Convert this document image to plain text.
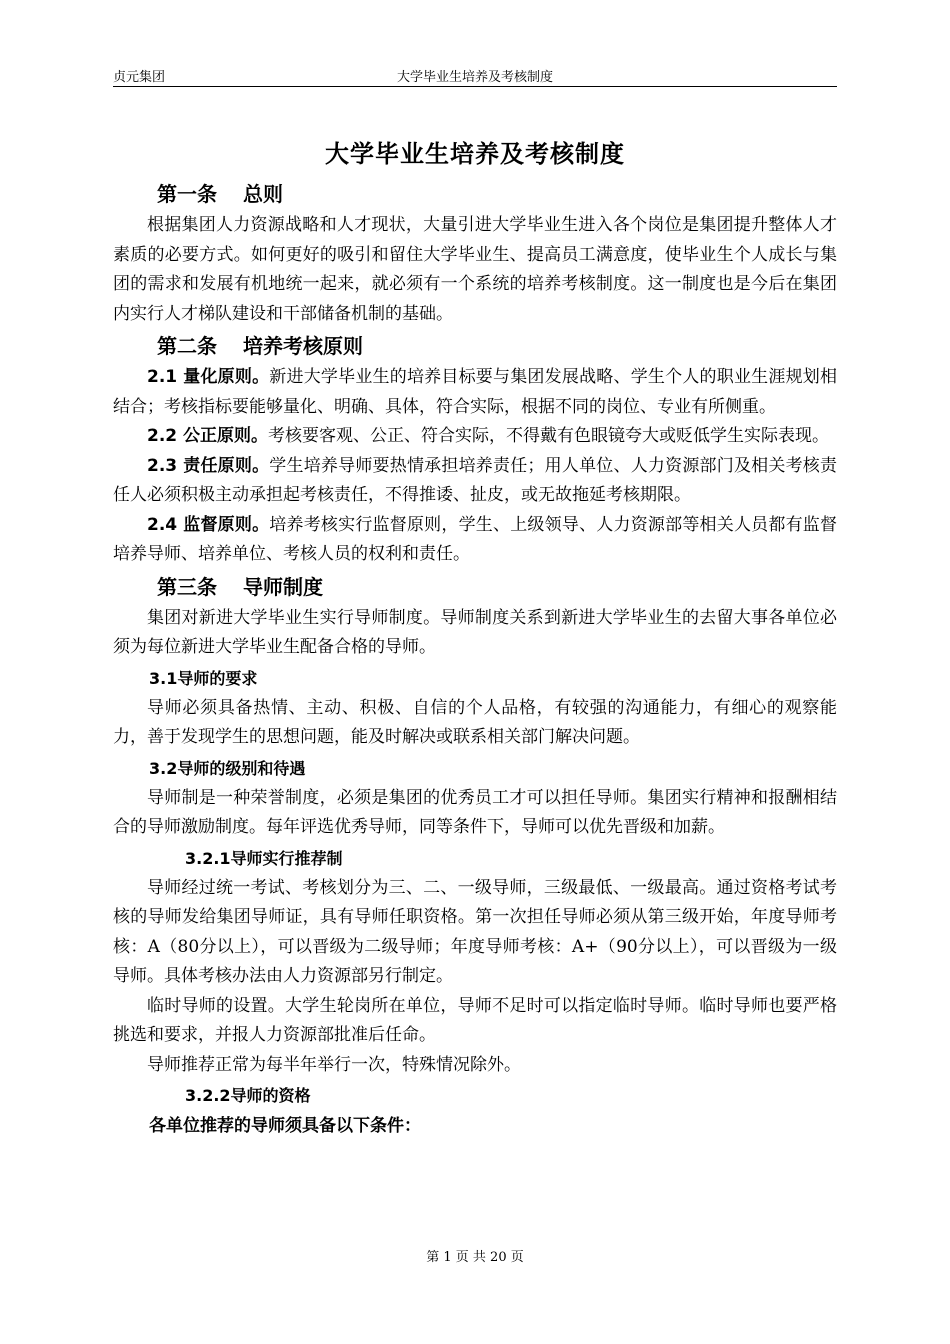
贞元集团	大学毕业生培养及考核制度
大学毕业生培养及考核制度
第一条 总则

根据集团人力资源战略和人才现状，大量引进大学毕业生进入各个岗位是集团提升整体人才素质的必要方式。如何更好的吸引和留住大学毕业生、提高员工满意度，使毕业生个人成长与集团的需求和发展有机地统一起来，就必须有一个系统的培养考核制度。这一制度也是今后在集团内实行人才梯队建设和干部储备机制的基础。

第二条 培养考核原则

2.1 量化原则。新进大学毕业生的培养目标要与集团发展战略、学生个人的职业生涯规划相结合；考核指标要能够量化、明确、具体，符合实际，根据不同的岗位、专业有所侧重。

2.2 公正原则。考核要客观、公正、符合实际，不得戴有色眼镜夸大或贬低学生实际表现。

2.3 责任原则。学生培养导师要热情承担培养责任；用人单位、人力资源部门及相关考核责任人必须积极主动承担起考核责任，不得推诿、扯皮，或无故拖延考核期限。

2.4 监督原则。培养考核实行监督原则，学生、上级领导、人力资源部等相关人员都有监督培养导师、培养单位、考核人员的权利和责任。

第三条 导师制度

集团对新进大学毕业生实行导师制度。导师制度关系到新进大学毕业生的去留大事各单位必须为每位新进大学毕业生配备合格的导师。

3.1导师的要求

导师必须具备热情、主动、积极、自信的个人品格，有较强的沟通能力，有细心的观察能力，善于发现学生的思想问题，能及时解决或联系相关部门解决问题。

3.2导师的级别和待遇

导师制是一种荣誉制度，必须是集团的优秀员工才可以担任导师。集团实行精神和报酬相结合的导师激励制度。每年评选优秀导师，同等条件下，导师可以优先晋级和加薪。

3.2.1导师实行推荐制

导师经过统一考试、考核划分为三、二、一级导师，三级最低、一级最高。通过资格考试考核的导师发给集团导师证，具有导师任职资格。第一次担任导师必须从第三级开始，年度导师考核：A（80分以上），可以晋级为二级导师；年度导师考核：A+（90分以上），可以晋级为一级导师。具体考核办法由人力资源部另行制定。

临时导师的设置。大学生轮岗所在单位，导师不足时可以指定临时导师。临时导师也要严格挑选和要求，并报人力资源部批准后任命。

导师推荐正常为每半年举行一次，特殊情况除外。

3.2.2导师的资格
各单位推荐的导师须具备以下条件：
第 1 页 共 20 页
